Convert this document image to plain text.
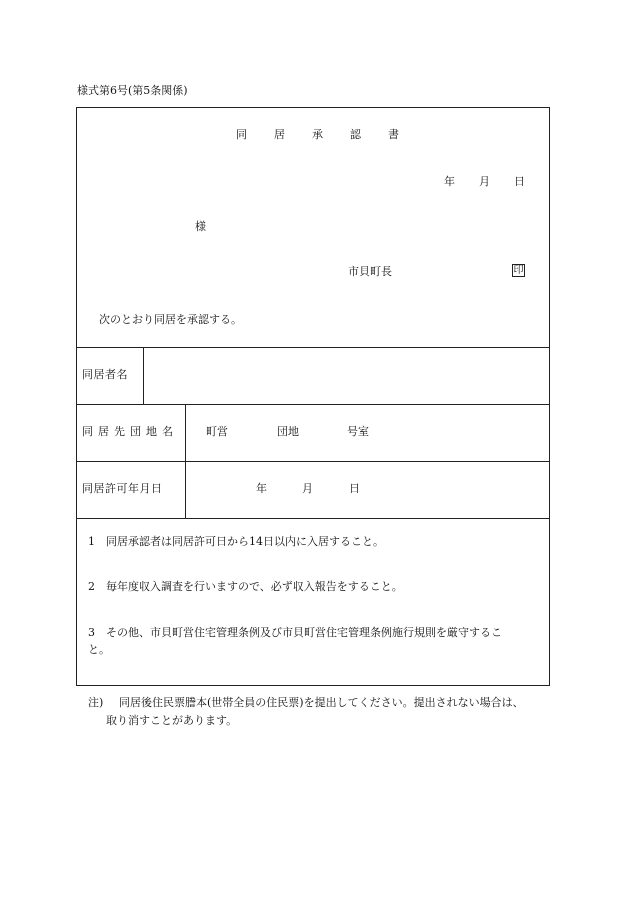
様式第6号(第5条関係)
同 居 承 認 書
年 月 日
様
市貝町長	印
次のとおり同居を承認する。
同居者名
同居先団地名	町営	団地	号室
同居許可年月日	年	月	日
1　同居承認者は同居許可日から14日以内に入居すること。
2　毎年度収入調査を行いますので、必ず収入報告をすること。
3　その他、市貝町営住宅管理条例及び市貝町営住宅管理条例施行規則を厳守するこ
と。
注) 同居後住民票謄本(世帯全員の住民票)を提出してください。提出されない場合は、
取り消すことがあります。
